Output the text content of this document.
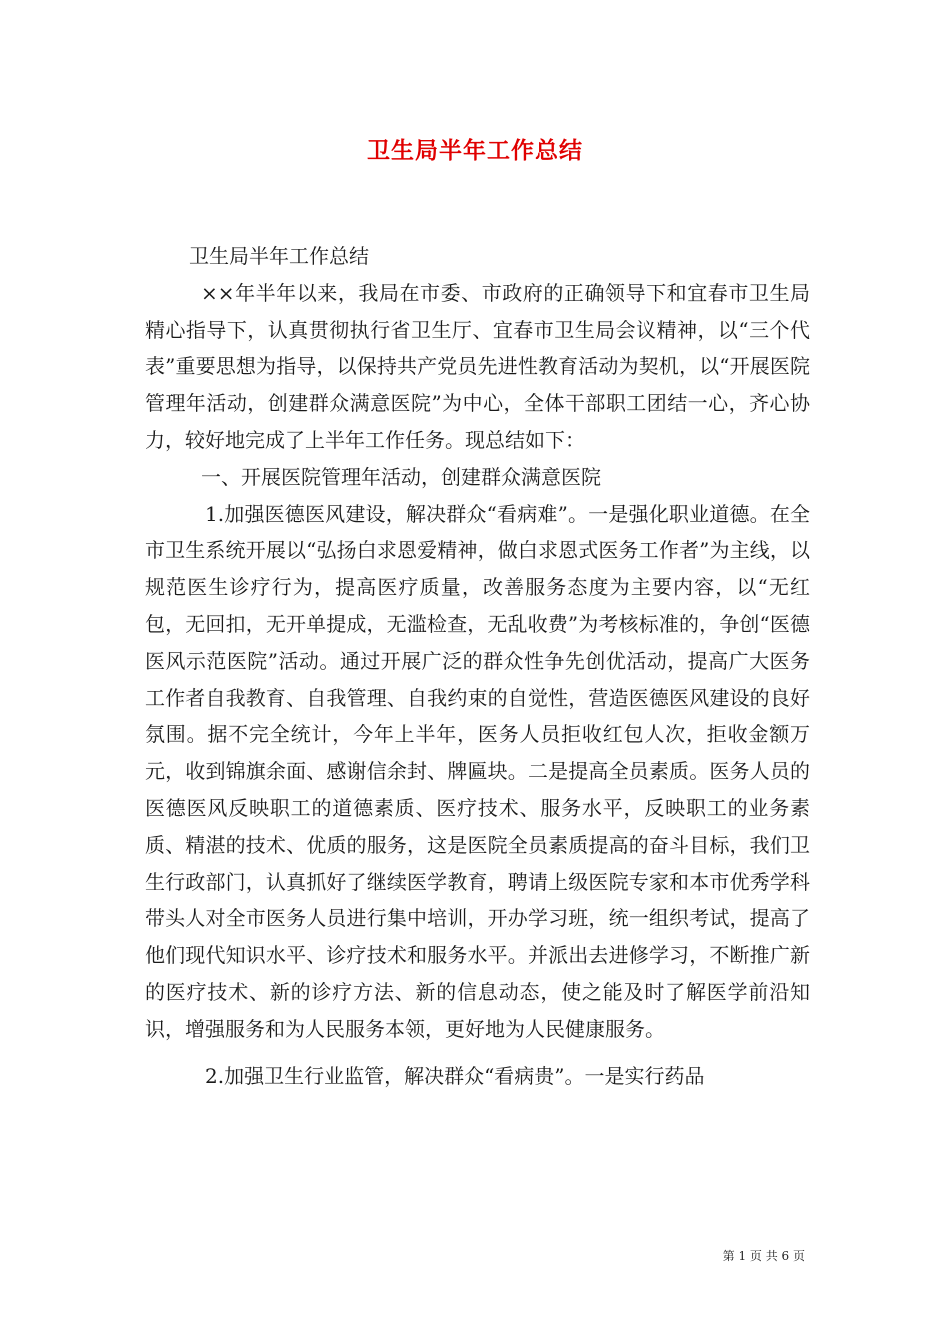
卫生局半年工作总结

卫生局半年工作总结

××年半年以来，我局在市委、市政府的正确领导下和宜春市卫生局精心指导下，认真贯彻执行省卫生厅、宜春市卫生局会议精神，以“三个代表”重要思想为指导，以保持共产党员先进性教育活动为契机，以“开展医院管理年活动，创建群众满意医院”为中心，全体干部职工团结一心，齐心协力，较好地完成了上半年工作任务。现总结如下：

一、开展医院管理年活动，创建群众满意医院

1.加强医德医风建设，解决群众“看病难”。一是强化职业道德。在全市卫生系统开展以“弘扬白求恩爱精神，做白求恩式医务工作者”为主线，以规范医生诊疗行为，提高医疗质量，改善服务态度为主要内容，以“无红包，无回扣，无开单提成，无滥检查，无乱收费”为考核标准的，争创“医德医风示范医院”活动。通过开展广泛的群众性争先创优活动，提高广大医务工作者自我教育、自我管理、自我约束的自觉性，营造医德医风建设的良好氛围。据不完全统计，今年上半年，医务人员拒收红包人次，拒收金额万元，收到锦旗余面、感谢信余封、牌匾块。二是提高全员素质。医务人员的医德医风反映职工的道德素质、医疗技术、服务水平，反映职工的业务素质、精湛的技术、优质的服务，这是医院全员素质提高的奋斗目标，我们卫生行政部门，认真抓好了继续医学教育，聘请上级医院专家和本市优秀学科带头人对全市医务人员进行集中培训，开办学习班，统一组织考试，提高了他们现代知识水平、诊疗技术和服务水平。并派出去进修学习，不断推广新的医疗技术、新的诊疗方法、新的信息动态，使之能及时了解医学前沿知识，增强服务和为人民服务本领，更好地为人民健康服务。

2.加强卫生行业监管，解决群众“看病贵”。一是实行药品

第 1 页 共 6 页
